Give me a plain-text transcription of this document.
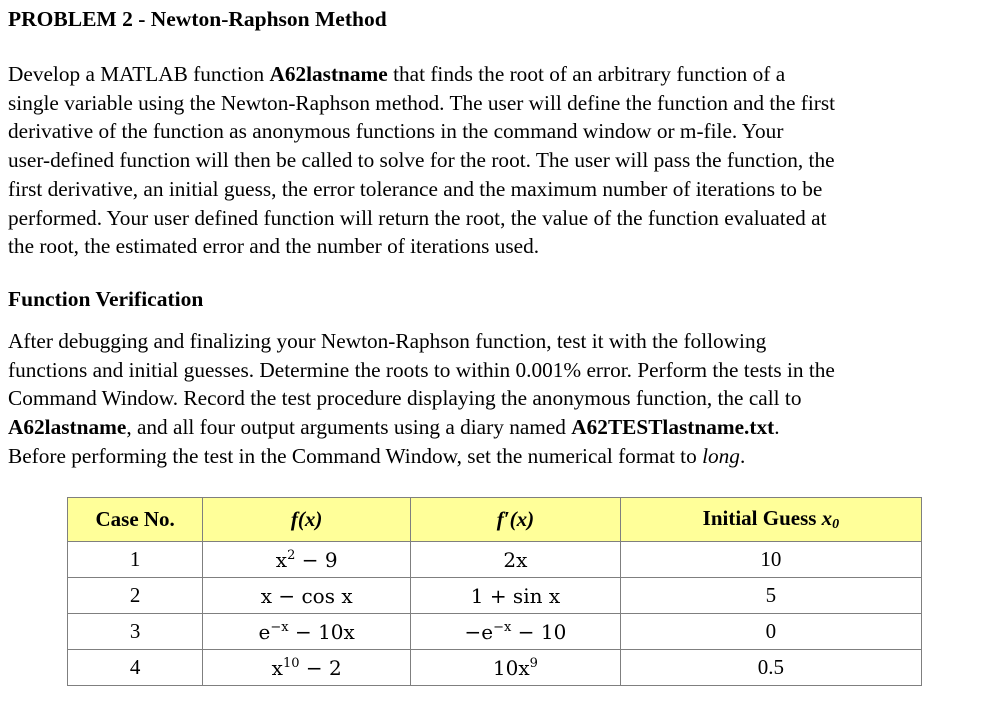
PROBLEM 2 - Newton-Raphson Method

Develop a MATLAB function A62lastname that finds the root of an arbitrary function of a
single variable using the Newton-Raphson method. The user will define the function and the first
derivative of the function as anonymous functions in the command window or m-file. Your
user-defined function will then be called to solve for the root. The user will pass the function, the
first derivative, an initial guess, the error tolerance and the maximum number of iterations to be
performed. Your user defined function will return the root, the value of the function evaluated at
the root, the estimated error and the number of iterations used.

Function Verification

After debugging and finalizing your Newton-Raphson function, test it with the following
functions and initial guesses. Determine the roots to within 0.001% error. Perform the tests in the
Command Window. Record the test procedure displaying the anonymous function, the call to
A62lastname, and all four output arguments using a diary named A62TESTlastname.txt.
Before performing the test in the Command Window, set the numerical format to long.

Case No.	f(x)	f′(x)	Initial Guess x0
1	$x^2 - 9$	2x	10
2	x − cos x	1 + sin x	5
3	$e^{-x} - 10x$	$-e^{-x} - 10$	0
4	$x^{10} - 2$	$10x^9$	0.5
